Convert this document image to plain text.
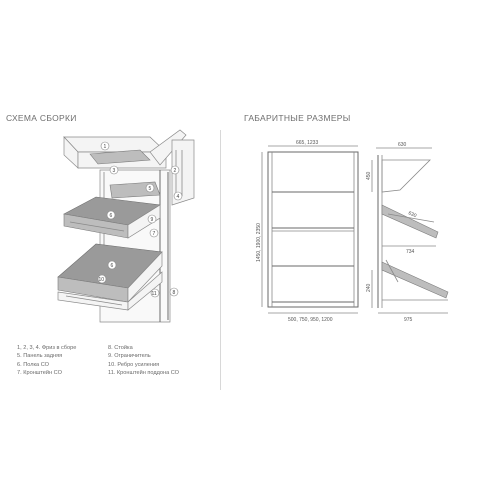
СХЕМА СБОРКИ	ГАБАРИТНЫЕ РАЗМЕРЫ
1
2
3
4
5
6
6
7
8
9
10
11
665, 1233
1450, 1900, 2350
500, 750, 950, 1200
630
450
630
734
240
975
1, 2, 3, 4. Фриз в сборе
5. Панель задняя
6. Полка СО
7. Кронштейн СО
8. Стойка
9. Ограничитель
10. Ребро усиления
11. Кронштейн поддона СО
